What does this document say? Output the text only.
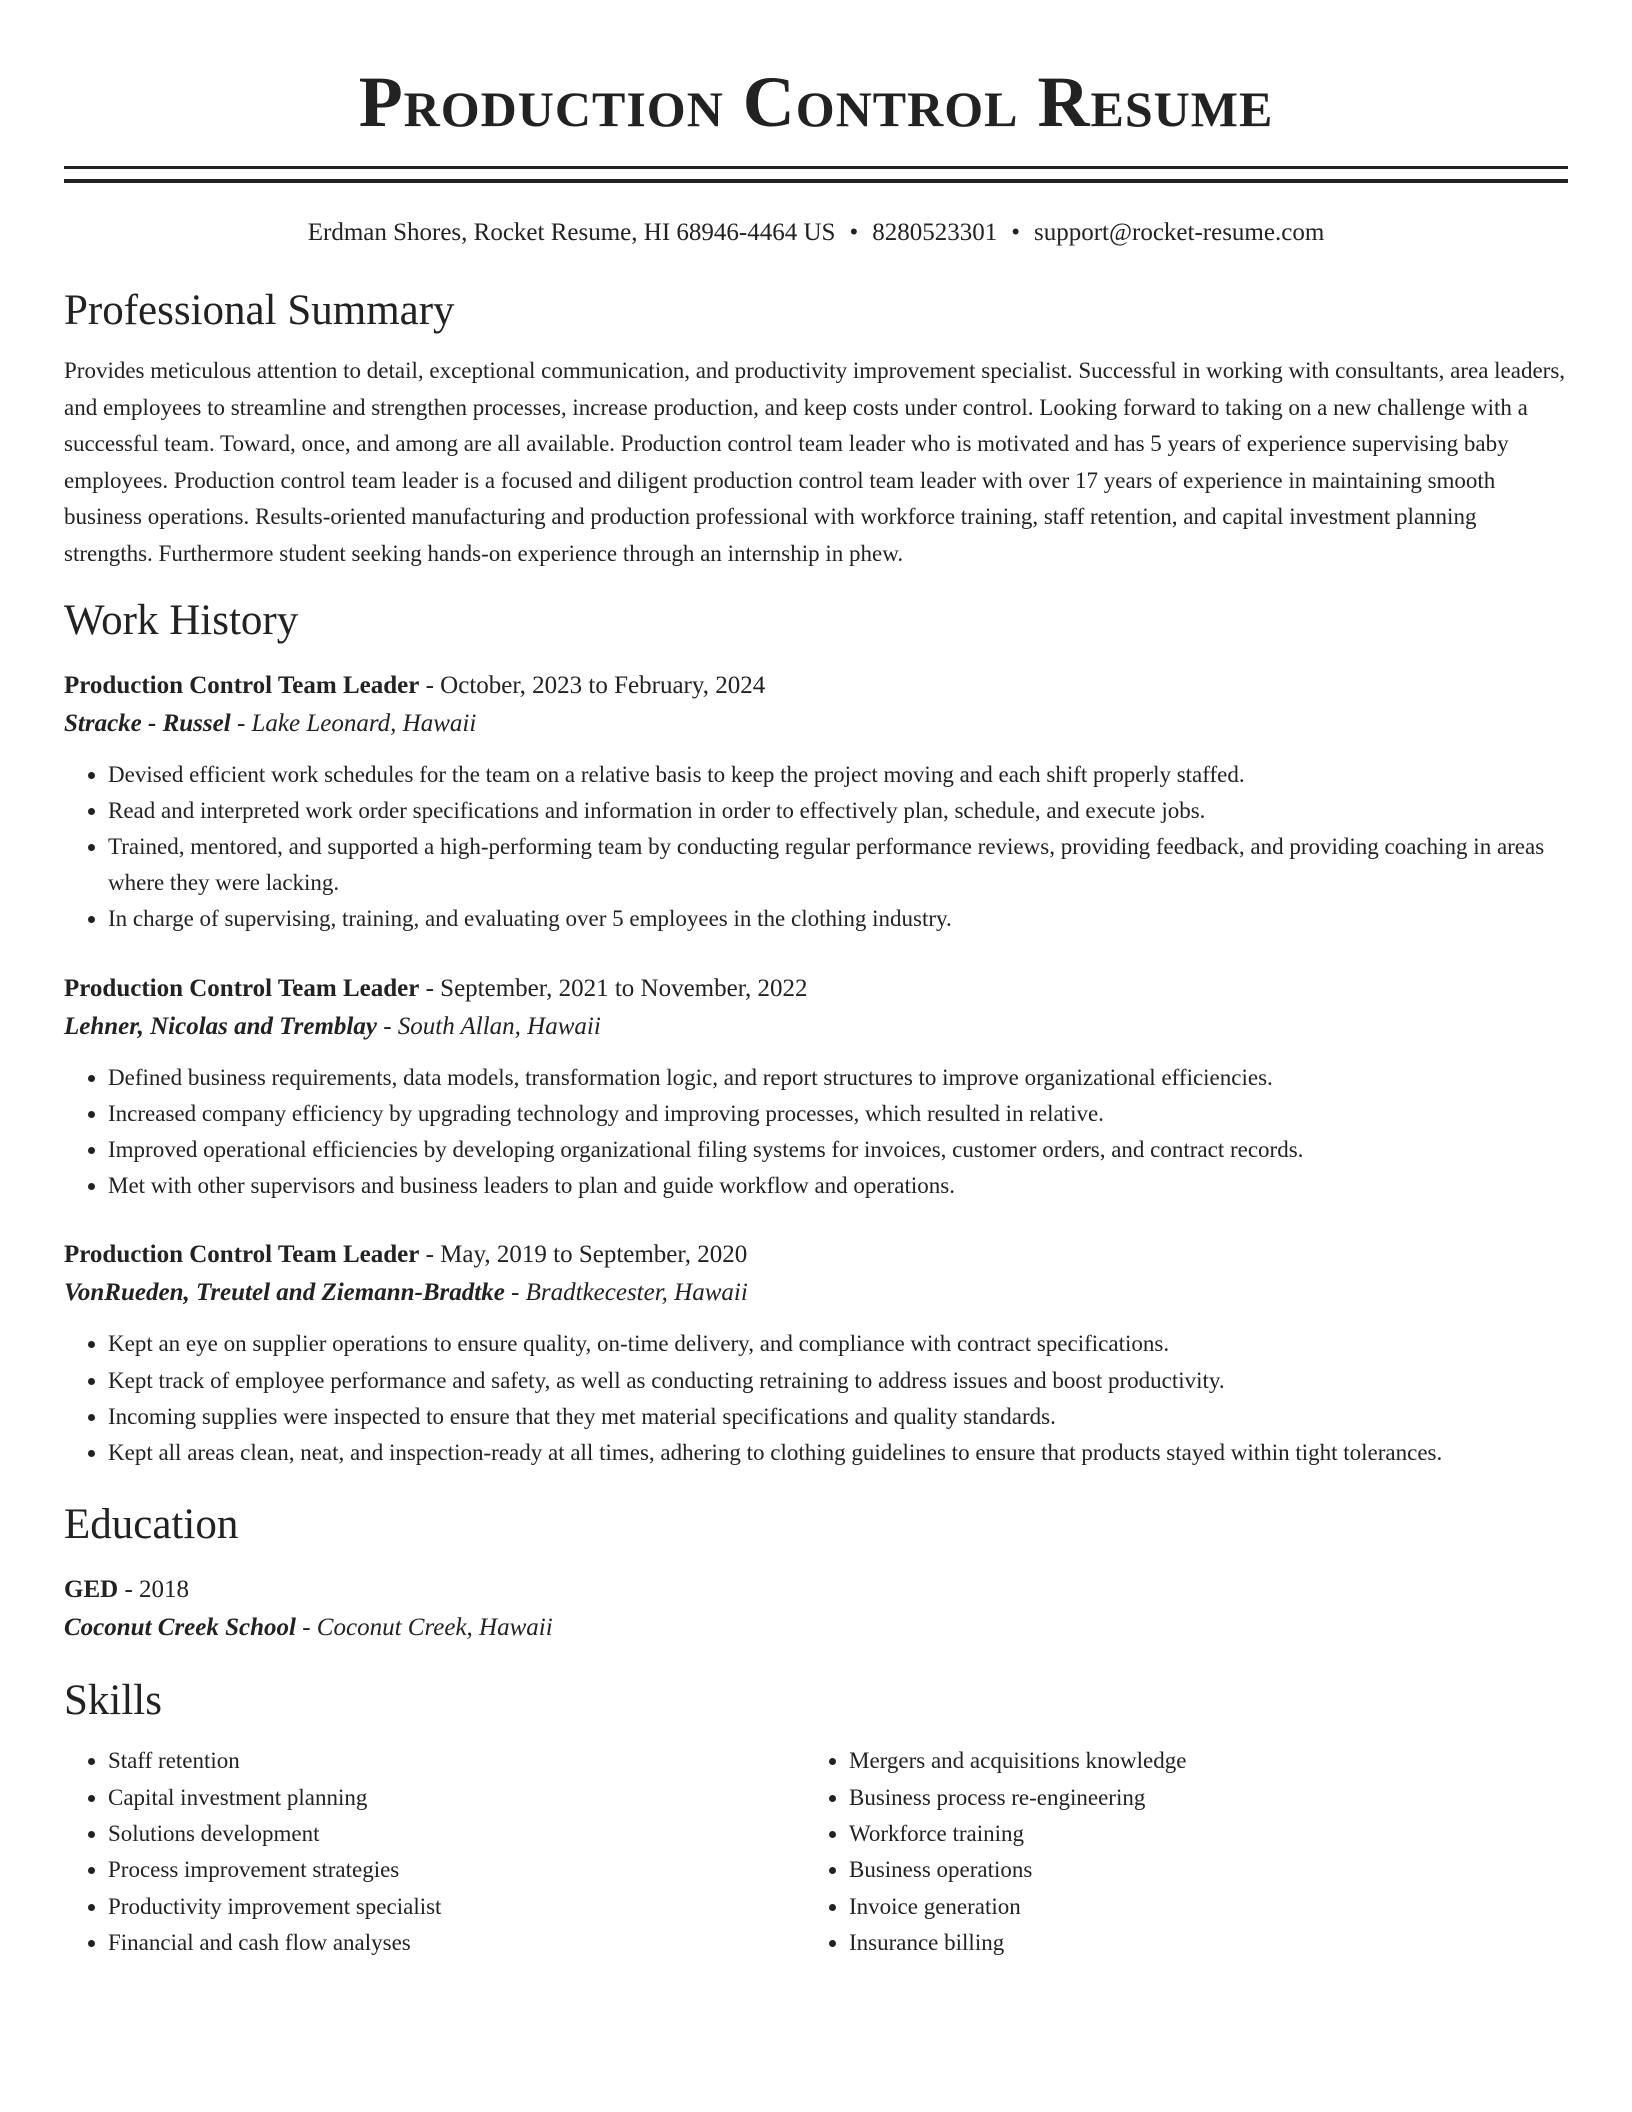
Production Control Resume
Erdman Shores, Rocket Resume, HI 68946-4464 US • 8280523301 • support@rocket-resume.com
Professional Summary
Provides meticulous attention to detail, exceptional communication, and productivity improvement specialist. Successful in working with consultants, area leaders, and employees to streamline and strengthen processes, increase production, and keep costs under control. Looking forward to taking on a new challenge with a successful team. Toward, once, and among are all available. Production control team leader who is motivated and has 5 years of experience supervising baby employees. Production control team leader is a focused and diligent production control team leader with over 17 years of experience in maintaining smooth business operations. Results-oriented manufacturing and production professional with workforce training, staff retention, and capital investment planning strengths. Furthermore student seeking hands-on experience through an internship in phew.
Work History
Production Control Team Leader - October, 2023 to February, 2024
Stracke - Russel - Lake Leonard, Hawaii
• Devised efficient work schedules for the team on a relative basis to keep the project moving and each shift properly staffed.
• Read and interpreted work order specifications and information in order to effectively plan, schedule, and execute jobs.
• Trained, mentored, and supported a high-performing team by conducting regular performance reviews, providing feedback, and providing coaching in areas where they were lacking.
• In charge of supervising, training, and evaluating over 5 employees in the clothing industry.
Production Control Team Leader - September, 2021 to November, 2022
Lehner, Nicolas and Tremblay - South Allan, Hawaii
• Defined business requirements, data models, transformation logic, and report structures to improve organizational efficiencies.
• Increased company efficiency by upgrading technology and improving processes, which resulted in relative.
• Improved operational efficiencies by developing organizational filing systems for invoices, customer orders, and contract records.
• Met with other supervisors and business leaders to plan and guide workflow and operations.
Production Control Team Leader - May, 2019 to September, 2020
VonRueden, Treutel and Ziemann-Bradtke - Bradtkecester, Hawaii
• Kept an eye on supplier operations to ensure quality, on-time delivery, and compliance with contract specifications.
• Kept track of employee performance and safety, as well as conducting retraining to address issues and boost productivity.
• Incoming supplies were inspected to ensure that they met material specifications and quality standards.
• Kept all areas clean, neat, and inspection-ready at all times, adhering to clothing guidelines to ensure that products stayed within tight tolerances.
Education
GED - 2018
Coconut Creek School - Coconut Creek, Hawaii
Skills
• Staff retention
• Capital investment planning
• Solutions development
• Process improvement strategies
• Productivity improvement specialist
• Financial and cash flow analyses
• Mergers and acquisitions knowledge
• Business process re-engineering
• Workforce training
• Business operations
• Invoice generation
• Insurance billing
